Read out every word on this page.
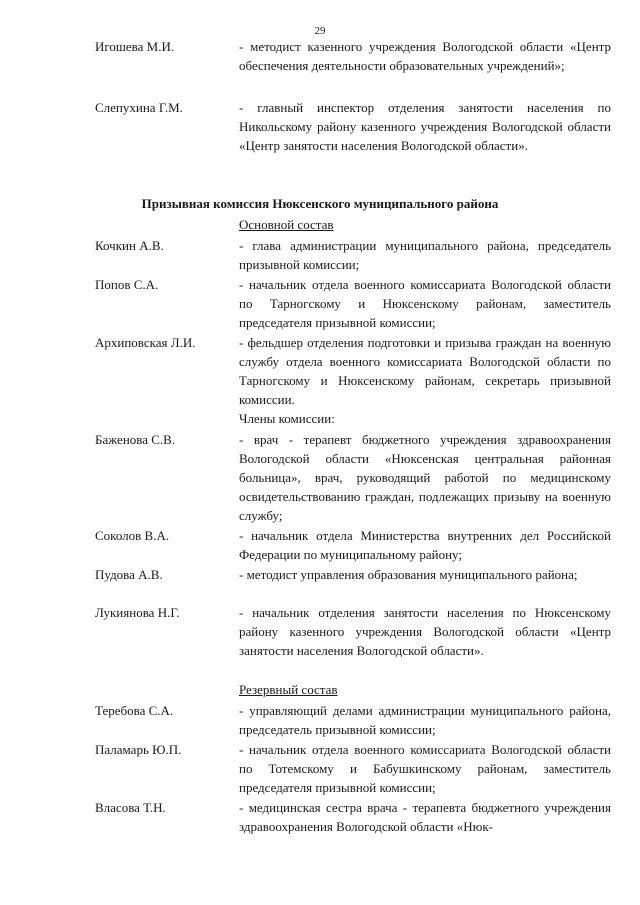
29
Игошева М.И.	- методист казенного учреждения Вологодской области «Центр обеспечения деятельности образовательных учреждений»;
Слепухина Г.М.	- главный инспектор отделения занятости населения по Никольскому району казенного учреждения Вологодской области «Центр занятости населения Вологодской области».
Призывная комиссия Нюксенского муниципального района
Основной состав
Кочкин А.В.	- глава администрации муниципального района, председатель призывной комиссии;
Попов С.А.	- начальник отдела военного комиссариата Вологодской области по Тарногскому и Нюксенскому районам, заместитель председателя призывной комиссии;
Архиповская Л.И.	- фельдшер отделения подготовки и призыва граждан на военную службу отдела военного комиссариата Вологодской области по Тарногскому и Нюксенскому районам, секретарь призывной комиссии.
Члены комиссии:
Баженова С.В.	- врач - терапевт бюджетного учреждения здравоохранения Вологодской области «Нюксенская центральная районная больница», врач, руководящий работой по медицинскому освидетельствованию граждан, подлежащих призыву на военную службу;
Соколов В.А.	- начальник отдела Министерства внутренних дел Российской Федерации по муниципальному району;
Пудова А.В.	- методист управления образования муниципального района;
Лукиянова Н.Г.	- начальник отделения занятости населения по Нюксенскому району казенного учреждения Вологодской области «Центр занятости населения Вологодской области».
Резервный состав
Теребова С.А.	- управляющий делами администрации муниципального района, председатель призывной комиссии;
Паламарь Ю.П.	- начальник отдела военного комиссариата Вологодской области по Тотемскому и Бабушкинскому районам, заместитель председателя призывной комиссии;
Власова Т.Н.	- медицинская сестра врача - терапевта бюджетного учреждения здравоохранения Вологодской области «Нюк-
